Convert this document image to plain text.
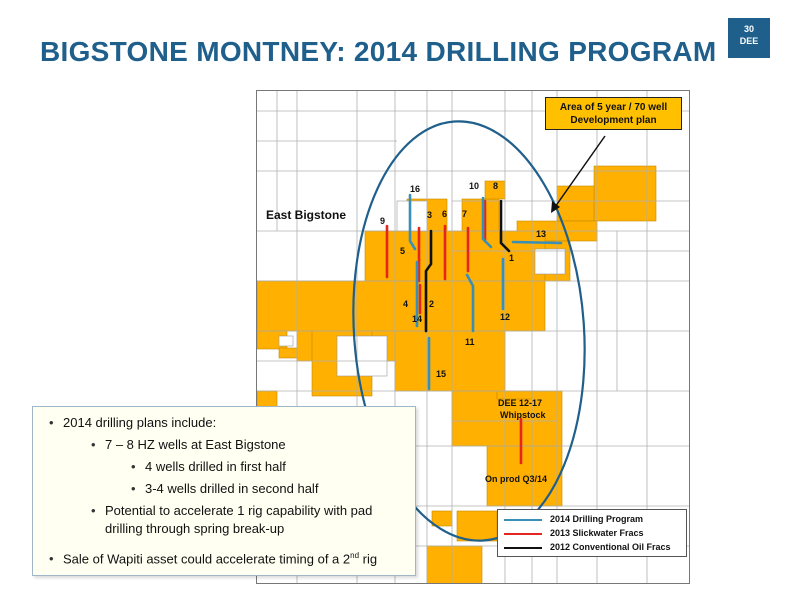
BIGSTONE MONTNEY: 2014 DRILLING PROGRAM
30
DEE
16	10 8
9
3 6 7
13
5
1
4 2
14	12
11
15
East Bigstone
Area of 5 year / 70 well
Development plan
DEE 12-17
Whipstock
On prod Q3/14
2014 Drilling Program
2013 Slickwater Fracs
2012 Conventional Oil Fracs
• 2014 drilling plans include:
• 7 – 8 HZ wells at East Bigstone
• 4 wells drilled in first half
• 3-4 wells drilled in second half
• Potential to accelerate 1 rig capability with pad
drilling through spring break-up
• Sale of Wapiti asset could accelerate timing of a 2nd rig
